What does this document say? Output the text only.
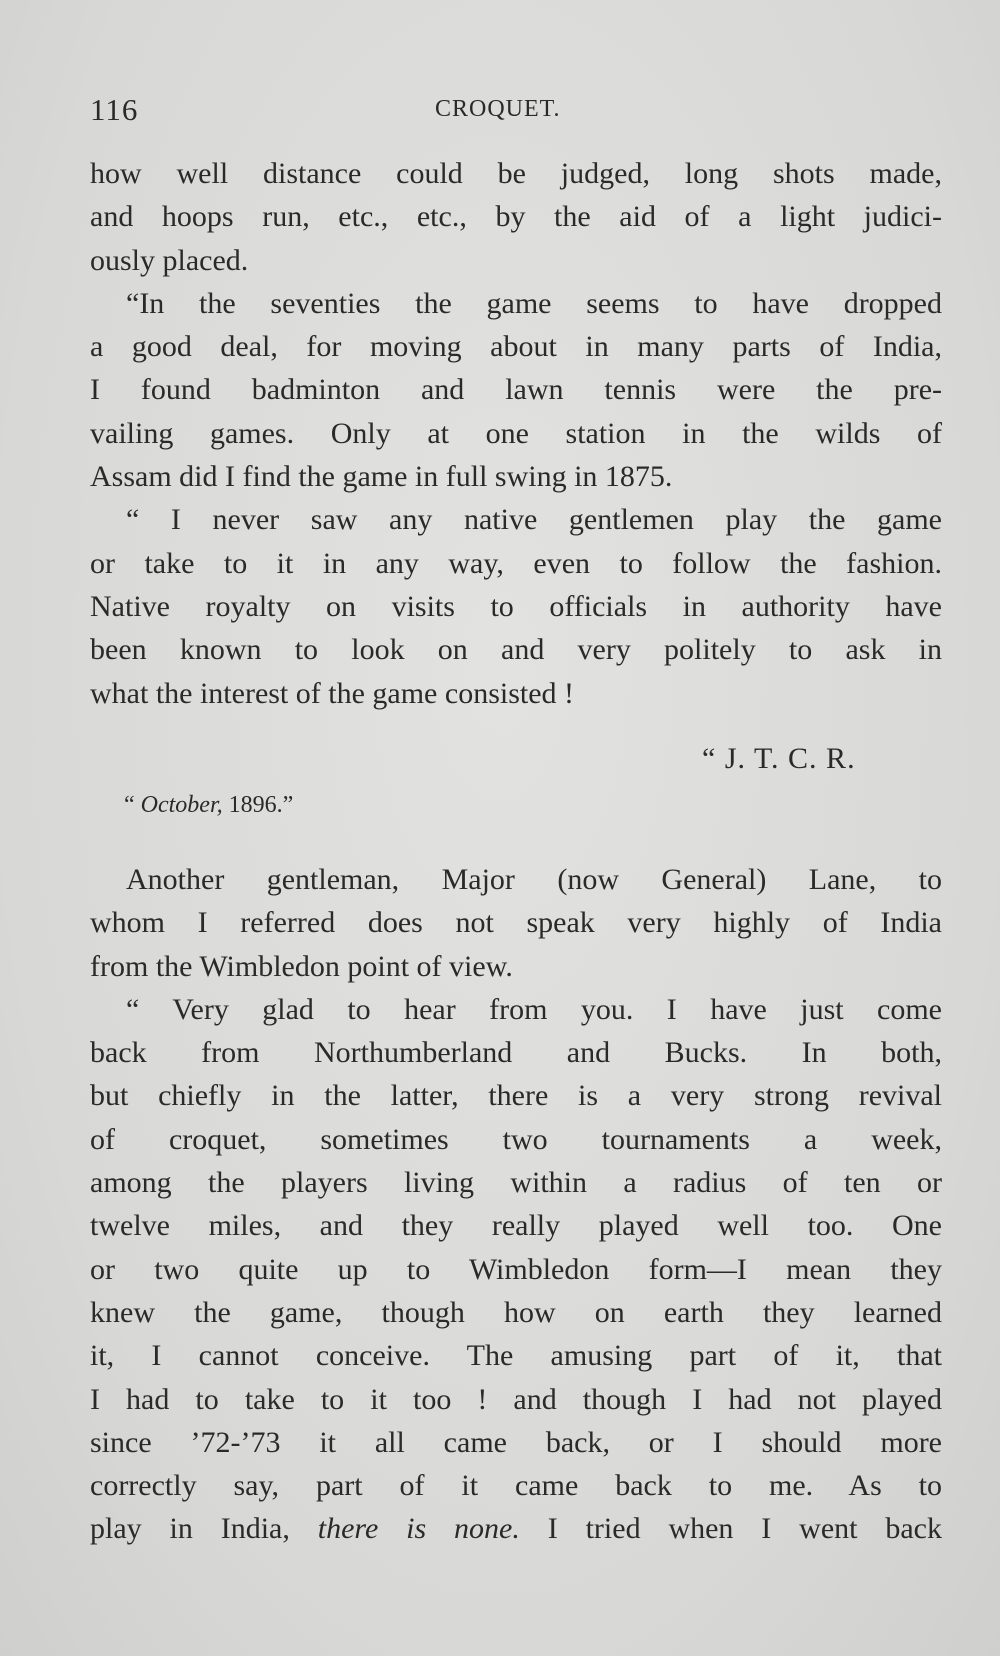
116	CROQUET.
how well distance could be judged, long shots made,
and hoops run, etc., etc., by the aid of a light judici-
ously placed.
“In the seventies the game seems to have dropped
a good deal, for moving about in many parts of India,
I found badminton and lawn tennis were the pre-
vailing games. Only at one station in the wilds of
Assam did I find the game in full swing in 1875.
“ I never saw any native gentlemen play the game
or take to it in any way, even to follow the fashion.
Native royalty on visits to officials in authority have
been known to look on and very politely to ask in
what the interest of the game consisted !
“ J. T. C. R.
“ October, 1896.”
Another gentleman, Major (now General) Lane, to
whom I referred does not speak very highly of India
from the Wimbledon point of view.
“ Very glad to hear from you. I have just come
back from Northumberland and Bucks. In both,
but chiefly in the latter, there is a very strong revival
of croquet, sometimes two tournaments a week,
among the players living within a radius of ten or
twelve miles, and they really played well too. One
or two quite up to Wimbledon form—I mean they
knew the game, though how on earth they learned
it, I cannot conceive. The amusing part of it, that
I had to take to it too ! and though I had not played
since ’72-’73 it all came back, or I should more
correctly say, part of it came back to me. As to
play in India, there is none. I tried when I went back
